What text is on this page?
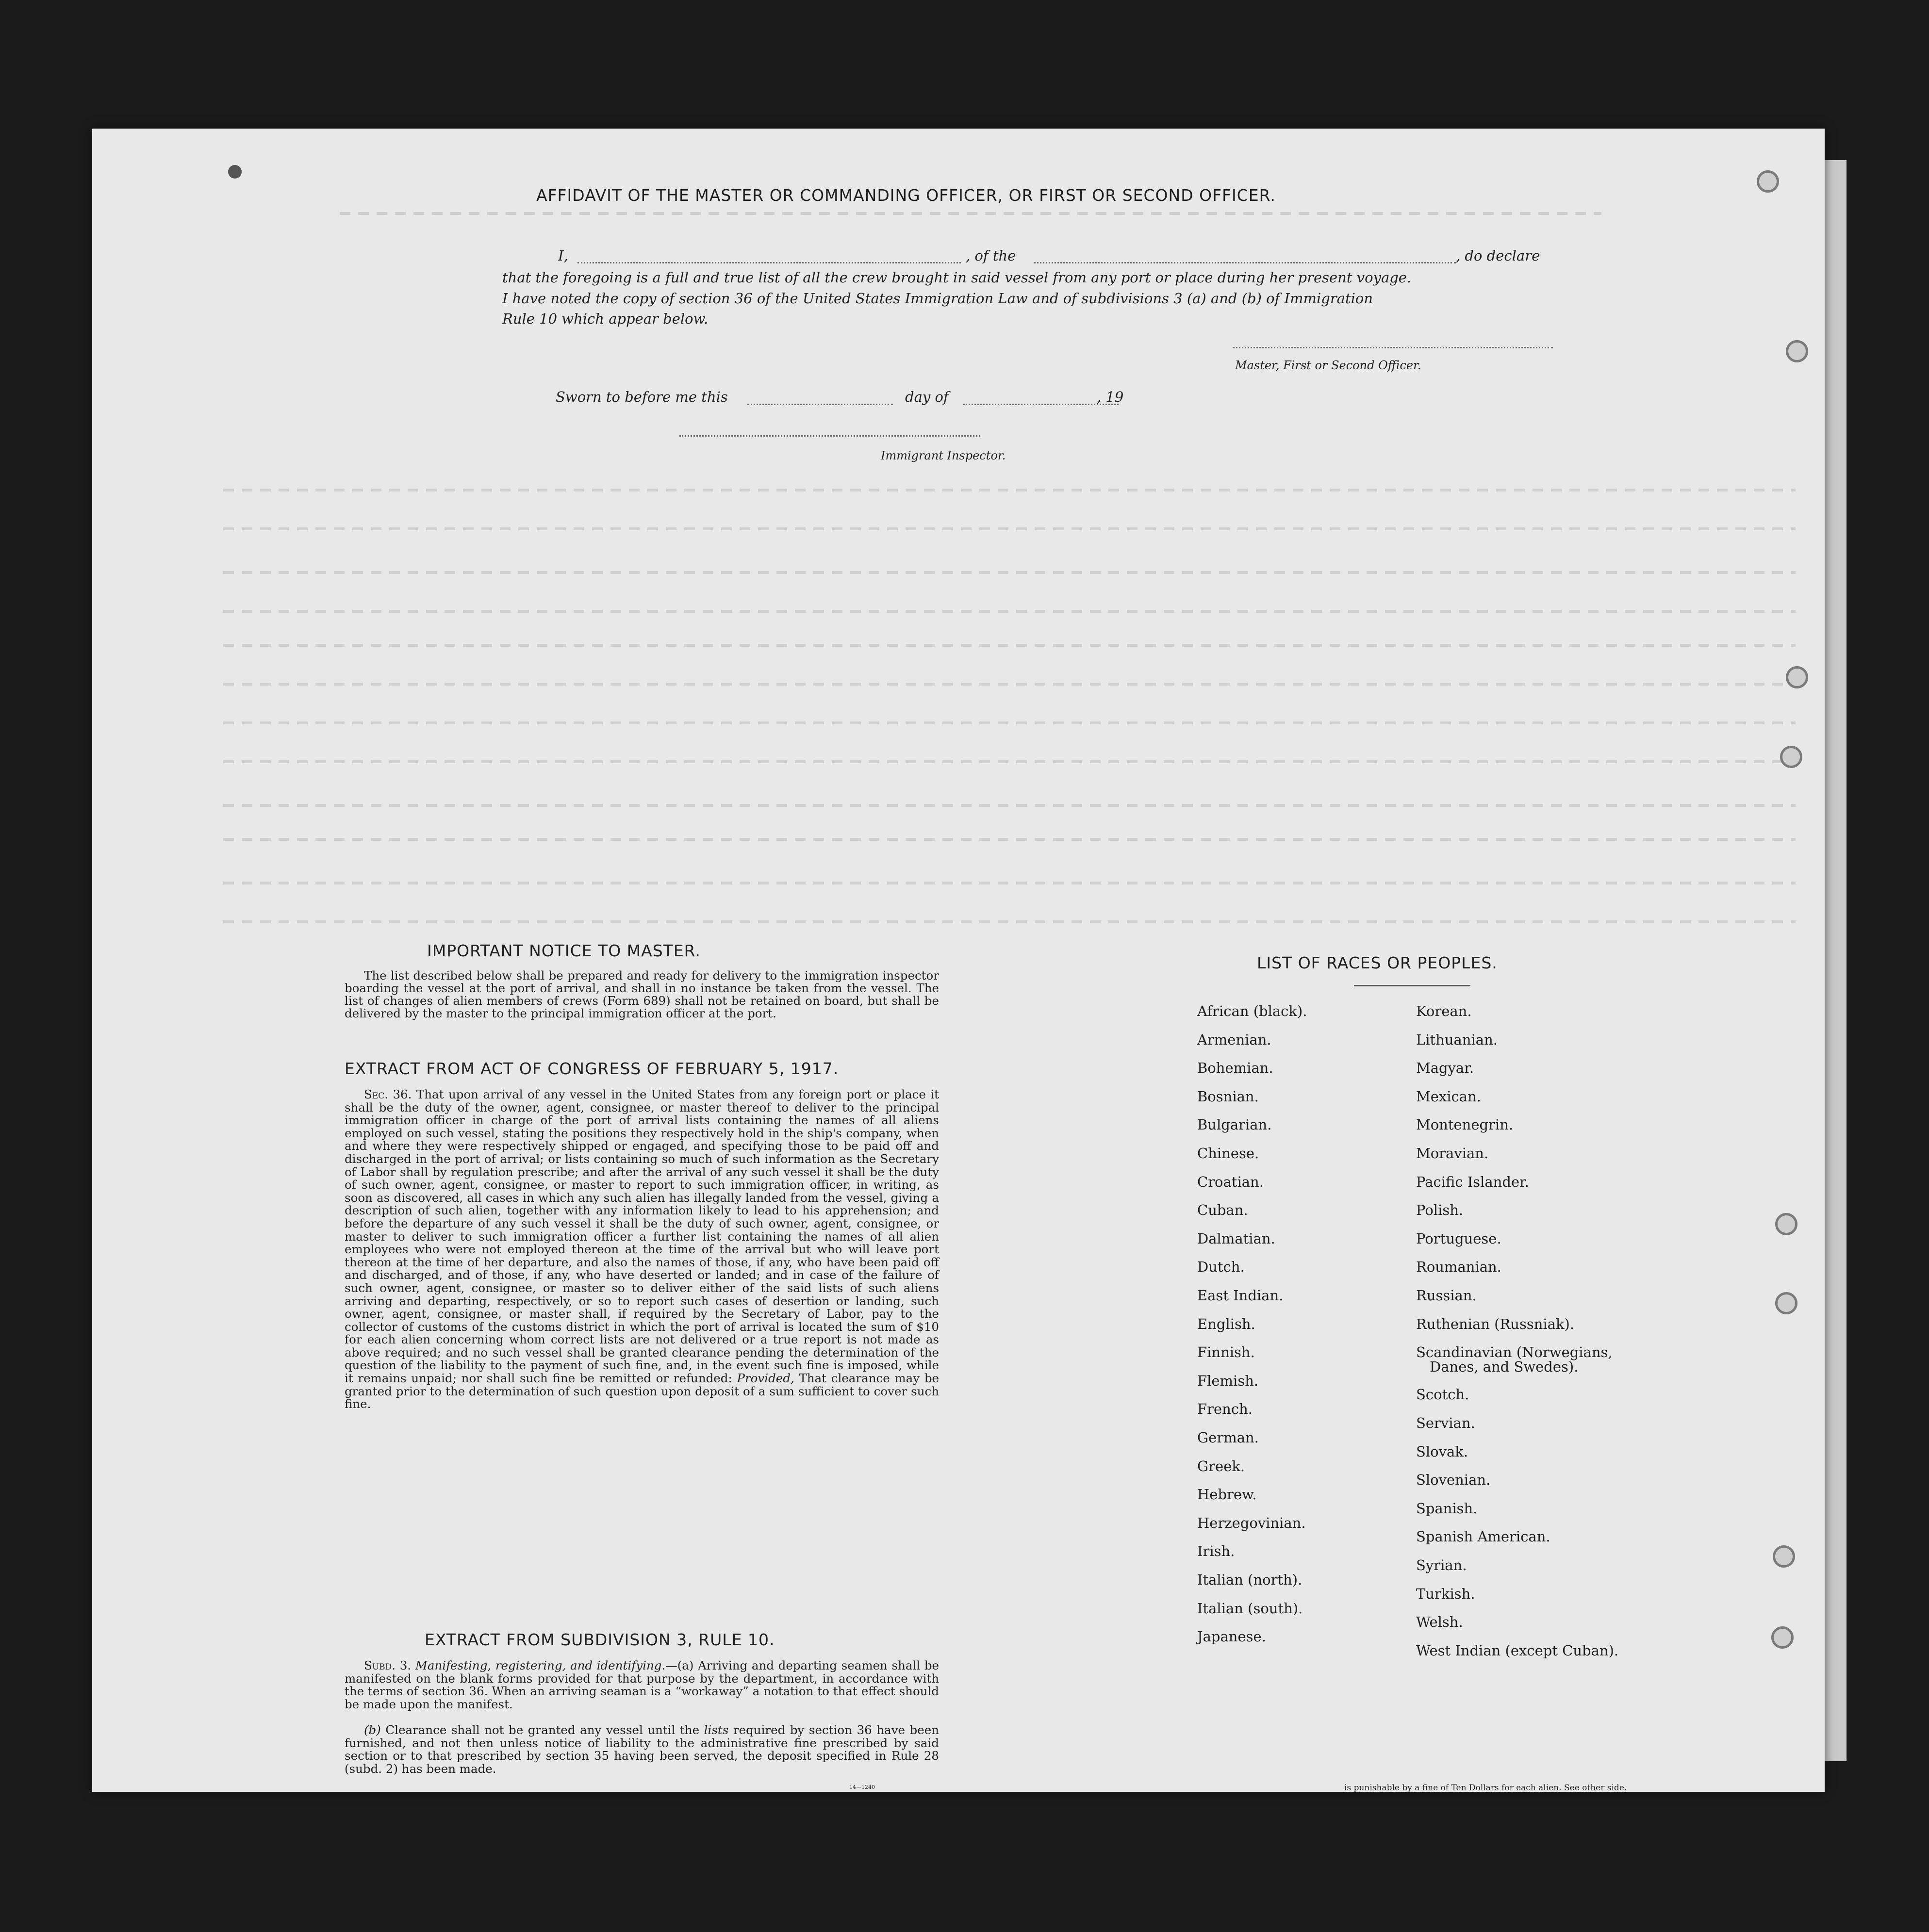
AFFIDAVIT OF THE MASTER OR COMMANDING OFFICER, OR FIRST OR SECOND OFFICER.
I,	, of the	, do declare
that the foregoing is a full and true list of all the crew brought in said vessel from any port or place during her present voyage.
I have noted the copy of section 36 of the United States Immigration Law and of subdivisions 3 (a) and (b) of Immigration
Rule 10 which appear below.
Master, First or Second Officer.
Sworn to before me this	day of	, 19
Immigrant Inspector.
IMPORTANT NOTICE TO MASTER.
The list described below shall be prepared and ready for delivery to the immigration inspector boarding the vessel at the port of arrival, and shall in no instance be taken from the vessel. The list of changes of alien members of crews (Form 689) shall not be retained on board, but shall be delivered by the master to the principal immigration officer at the port.
EXTRACT FROM ACT OF CONGRESS OF FEBRUARY 5, 1917.
Sec. 36. That upon arrival of any vessel in the United States from any foreign port or place it shall be the duty of the owner, agent, consignee, or master thereof to deliver to the principal immigration officer in charge of the port of arrival lists containing the names of all aliens employed on such vessel, stating the positions they respectively hold in the ship's company, when and where they were respectively shipped or engaged, and specifying those to be paid off and discharged in the port of arrival; or lists containing so much of such information as the Secretary of Labor shall by regulation prescribe; and after the arrival of any such vessel it shall be the duty of such owner, agent, consignee, or master to report to such immigration officer, in writing, as soon as discovered, all cases in which any such alien has illegally landed from the vessel, giving a description of such alien, together with any information likely to lead to his apprehension; and before the departure of any such vessel it shall be the duty of such owner, agent, consignee, or master to deliver to such immigration officer a further list containing the names of all alien employees who were not employed thereon at the time of the arrival but who will leave port thereon at the time of her departure, and also the names of those, if any, who have been paid off and discharged, and of those, if any, who have deserted or landed; and in case of the failure of such owner, agent, consignee, or master so to deliver either of the said lists of such aliens arriving and departing, respectively, or so to report such cases of desertion or landing, such owner, agent, consignee, or master shall, if required by the Secretary of Labor, pay to the collector of customs of the customs district in which the port of arrival is located the sum of $10 for each alien concerning whom correct lists are not delivered or a true report is not made as above required; and no such vessel shall be granted clearance pending the determination of the question of the liability to the payment of such fine, and, in the event such fine is imposed, while it remains unpaid; nor shall such fine be remitted or refunded: Provided, That clearance may be granted prior to the determination of such question upon deposit of a sum sufficient to cover such fine.
EXTRACT FROM SUBDIVISION 3, RULE 10.
Subd. 3. Manifesting, registering, and identifying.—(a) Arriving and departing seamen shall be manifested on the blank forms provided for that purpose by the department, in accordance with the terms of section 36. When an arriving seaman is a “workaway” a notation to that effect should be made upon the manifest.
(b) Clearance shall not be granted any vessel until the lists required by section 36 have been furnished, and not then unless notice of liability to the administrative fine prescribed by said section or to that prescribed by section 35 having been served, the deposit specified in Rule 28 (subd. 2) has been made.
14—1240
LIST OF RACES OR PEOPLES.
African (black).
Armenian.
Bohemian.
Bosnian.
Bulgarian.
Chinese.
Croatian.
Cuban.
Dalmatian.
Dutch.
East Indian.
English.
Finnish.
Flemish.
French.
German.
Greek.
Hebrew.
Herzegovinian.
Irish.
Italian (north).
Italian (south).
Japanese.
Korean.
Lithuanian.
Magyar.
Mexican.
Montenegrin.
Moravian.
Pacific Islander.
Polish.
Portuguese.
Roumanian.
Russian.
Ruthenian (Russniak).
Scandinavian (Norwegians,
Danes, and Swedes).
Scotch.
Servian.
Slovak.
Slovenian.
Spanish.
Spanish American.
Syrian.
Turkish.
Welsh.
West Indian (except Cuban).
is punishable by a fine of Ten Dollars for each alien. See other side.
